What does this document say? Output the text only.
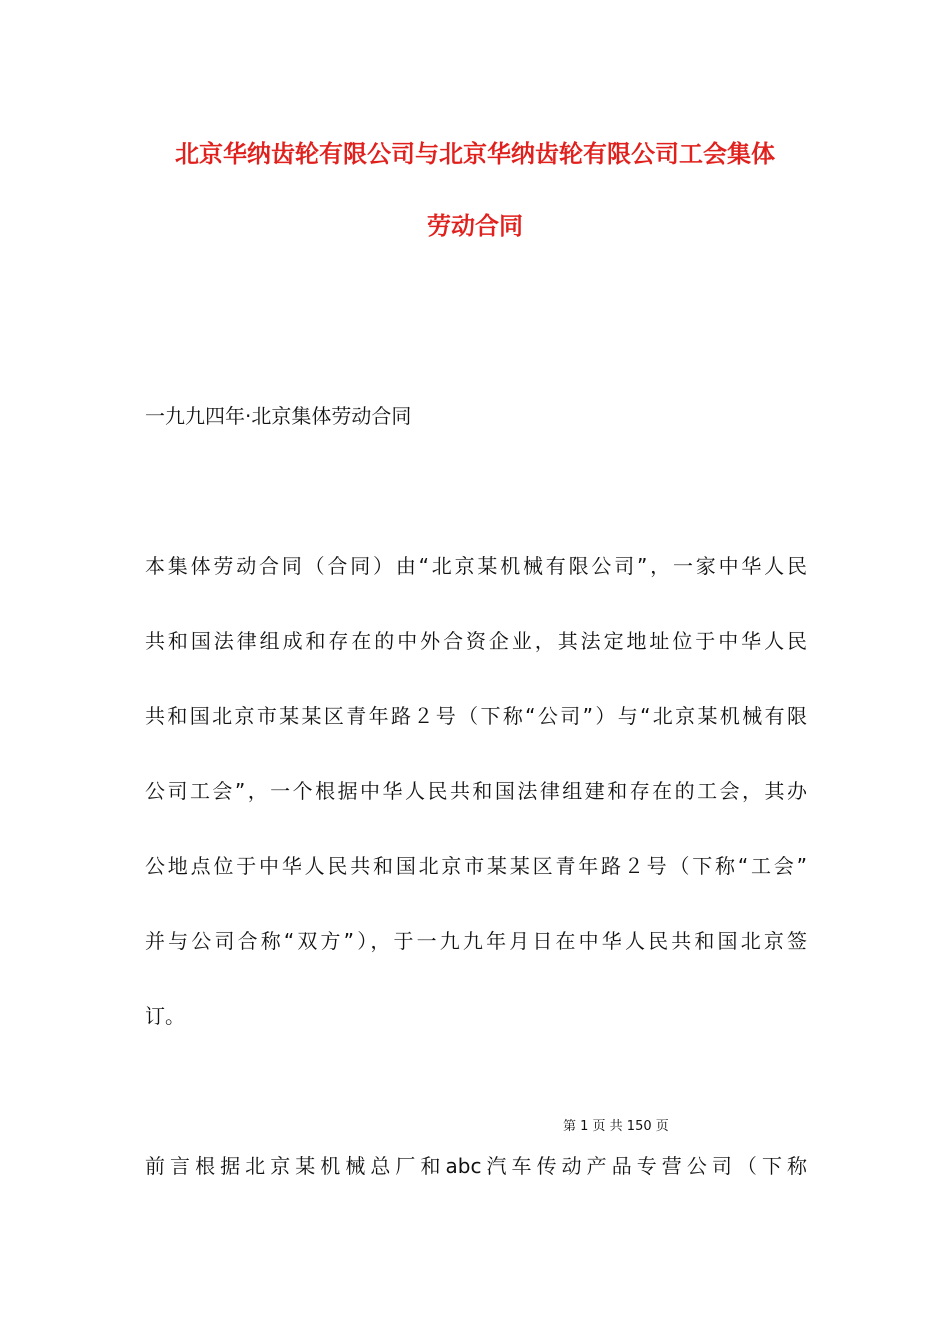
北京华纳齿轮有限公司与北京华纳齿轮有限公司工会集体
劳动合同
一九九四年·北京集体劳动合同
本集体劳动合同（合同）由“北京某机械有限公司”，一家中华人民
共和国法律组成和存在的中外合资企业，其法定地址位于中华人民
共和国北京市某某区青年路２号（下称“公司”）与“北京某机械有限
公司工会”，一个根据中华人民共和国法律组建和存在的工会，其办
公地点位于中华人民共和国北京市某某区青年路２号（下称“工会”
并与公司合称“双方”），于一九九年月日在中华人民共和国北京签
订。
第 1 页 共 150 页
前言根据北京某机械总厂和abc汽车传动产品专营公司（下称
